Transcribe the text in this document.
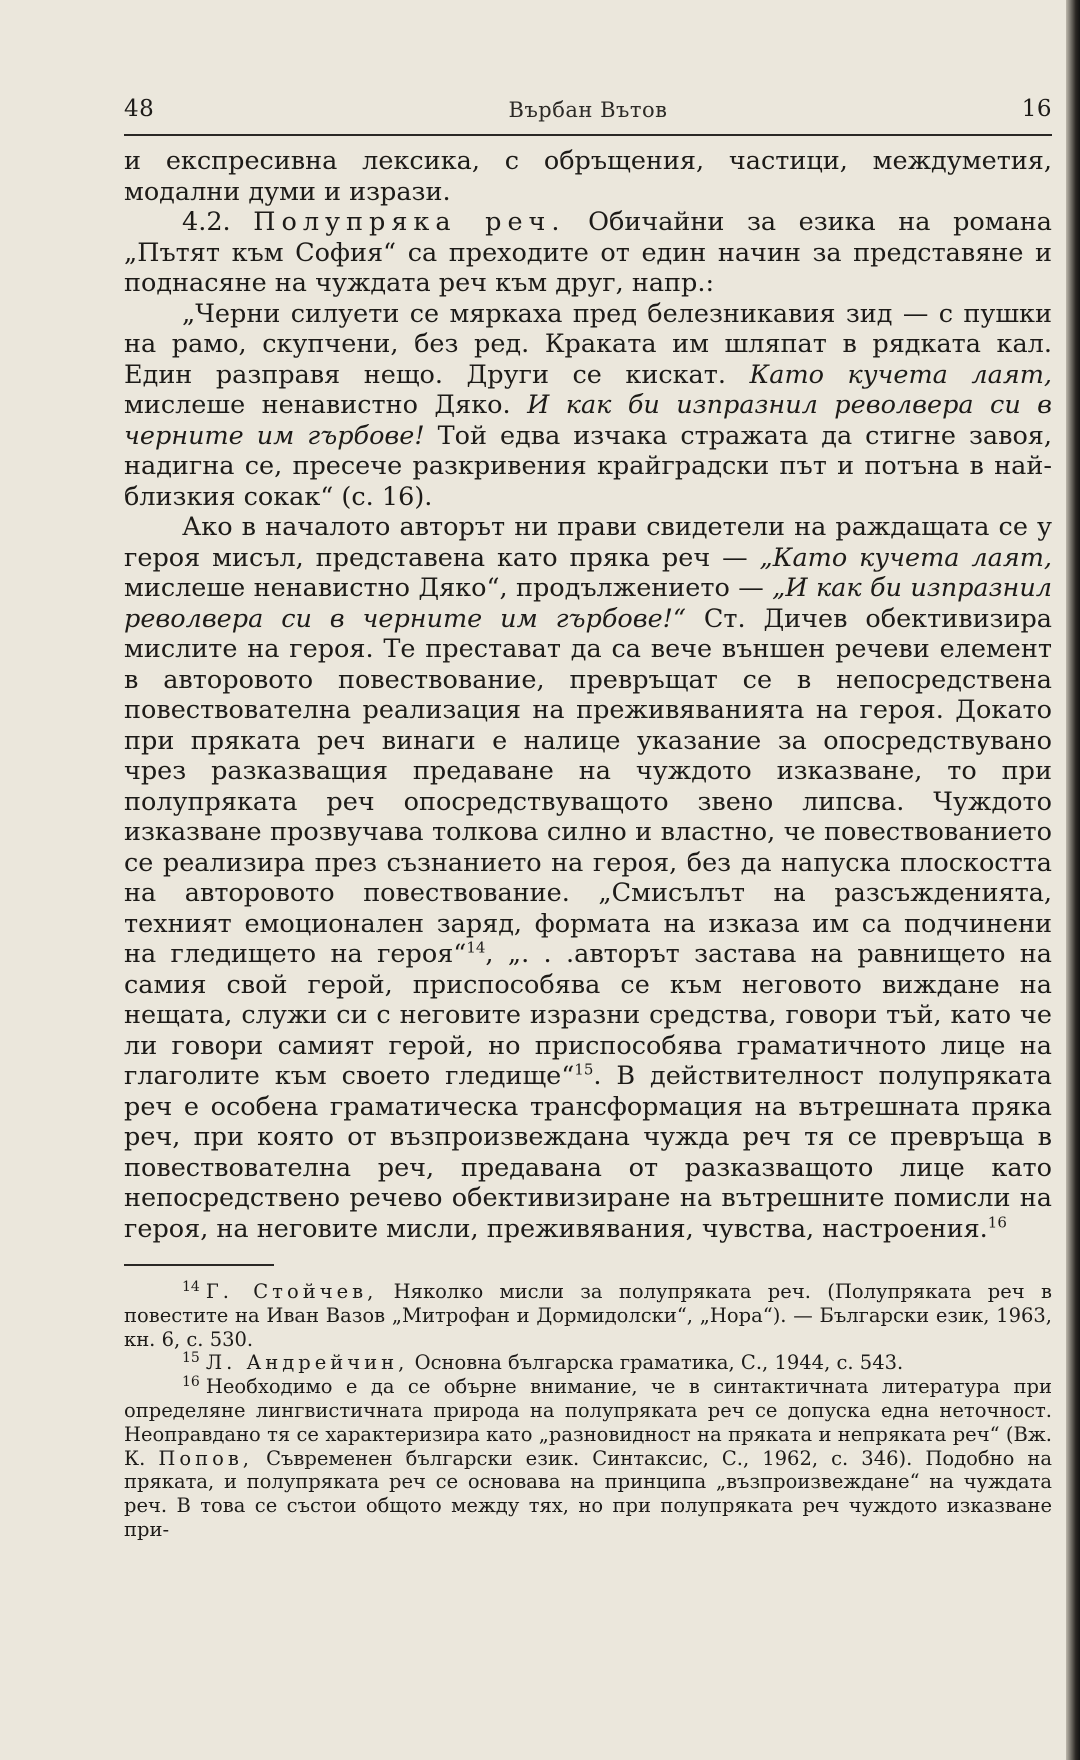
48	Върбан Вътов	16

и експресивна лексика, с обръщения, частици, междуметия, модални думи и изрази.

4.2. Полупряка реч. Обичайни за езика на романа „Пътят към София“ са преходите от един начин за представяне и поднасяне на чуждата реч към друг, напр.:

„Черни силуети се мяркаха пред белезникавия зид — с пушки на рамо, скупчени, без ред. Краката им шляпат в рядката кал. Един разправя нещо. Други се кискат. Като кучета лаят, мислеше ненавистно Дяко. И как би изпразнил револвера си в черните им гърбове! Той едва изчака стражата да стигне завоя, надигна се, пресече разкривения крайградски път и потъна в най-близкия сокак“ (с. 16).

Ако в началото авторът ни прави свидетели на раждащата се у героя мисъл, представена като пряка реч — „Като кучета лаят, мислеше ненавистно Дяко“, продължението — „И как би изпразнил револвера си в черните им гърбове!“ Ст. Дичев обективизира мислите на героя. Те престават да са вече външен речеви елемент в авторовото повествование, превръщат се в непосредствена повествователна реализация на преживяванията на героя. Докато при пряката реч винаги е налице указание за опосредствувано чрез разказващия предаване на чуждото изказване, то при полупряката реч опосредствуващото звено липсва. Чуждото изказване прозвучава толкова силно и властно, че повествованието се реализира през съзнанието на героя, без да напуска плоскостта на авторовото повествование. „Смисълът на разсъжденията, техният емоционален заряд, формата на изказа им са подчинени на гледището на героя“$^{14}$, „. . .авторът застава на равнището на самия свой герой, приспособява се към неговото виждане на нещата, служи си с неговите изразни средства, говори тъй, като че ли говори самият герой, но приспособява граматичното лице на глаголите към своето гледище“$^{15}$. В действителност полупряката реч е особена граматическа трансформация на вътрешната пряка реч, при която от възпроизвеждана чужда реч тя се превръща в повествователна реч, предавана от разказващото лице като непосредствено речево обективизиране на вътрешните помисли на героя, на неговите мисли, преживявания, чувства, настроения.$^{16}$

$^{14}$ Г. Стойчев, Няколко мисли за полупряката реч. (Полупряката реч в повестите на Иван Вазов „Митрофан и Дормидолски“, „Нора“). — Български език, 1963, кн. 6, с. 530.

$^{15}$ Л. Андрейчин, Основна българска граматика, С., 1944, с. 543.

$^{16}$ Необходимо е да се обърне внимание, че в синтактичната литература при определяне лингвистичната природа на полупряката реч се допуска една неточност. Неоправдано тя се характеризира като „разновидност на пряката и непряката реч“ (Вж. К. Попов, Съвременен български език. Синтаксис, С., 1962, с. 346). Подобно на пряката, и полупряката реч се основава на принципа „възпроизвеждане“ на чуждата реч. В това се състои общото между тях, но при полупряката реч чуждото изказване при-
